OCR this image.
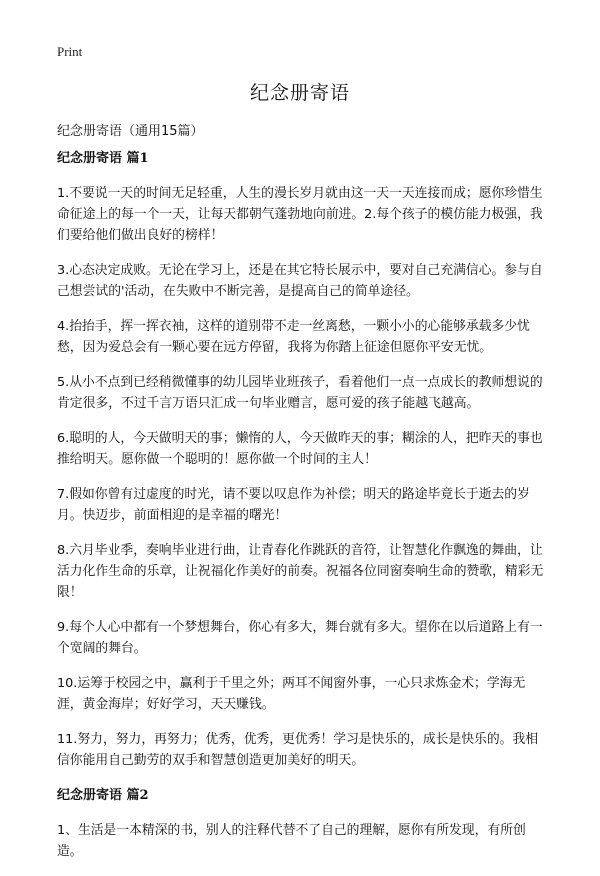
Print
纪念册寄语
纪念册寄语（通用15篇）
纪念册寄语 篇1

1.不要说一天的时间无足轻重，人生的漫长岁月就由这一天一天连接而成；愿你珍惜生命征途上的每一个一天，让每天都朝气蓬勃地向前进。2.每个孩子的模仿能力极强，我们要给他们做出良好的榜样！

3.心态决定成败。无论在学习上，还是在其它特长展示中，要对自己充满信心。参与自己想尝试的'活动，在失败中不断完善，是提高自己的简单途径。

4.抬抬手，挥一挥衣袖，这样的道别带不走一丝离愁，一颗小小的心能够承载多少忧愁，因为爱总会有一颗心要在远方停留，我将为你踏上征途但愿你平安无忧。

5.从小不点到已经稍微懂事的幼儿园毕业班孩子，看着他们一点一点成长的教师想说的肯定很多，不过千言万语只汇成一句毕业赠言，愿可爱的孩子能越飞越高。

6.聪明的人，今天做明天的事；懒惰的人，今天做昨天的事；糊涂的人，把昨天的事也推给明天。愿你做一个聪明的！愿你做一个时间的主人！

7.假如你曾有过虚度的时光，请不要以叹息作为补偿；明天的路途毕竟长于逝去的岁月。快迈步，前面相迎的是幸福的曙光！

8.六月毕业季，奏响毕业进行曲，让青春化作跳跃的音符，让智慧化作飘逸的舞曲，让活力化作生命的乐章，让祝福化作美好的前奏。祝福各位同窗奏响生命的赞歌，精彩无限！

9.每个人心中都有一个梦想舞台，你心有多大，舞台就有多大。望你在以后道路上有一个宽阔的舞台。

10.运筹于校园之中，赢利于千里之外；两耳不闻窗外事，一心只求炼金术；学海无涯，黄金海岸；好好学习，天天赚钱。

11.努力，努力，再努力；优秀，优秀，更优秀！学习是快乐的，成长是快乐的。我相信你能用自己勤劳的双手和智慧创造更加美好的明天。

纪念册寄语 篇2

1、生活是一本精深的书，别人的注释代替不了自己的理解，愿你有所发现，有所创造。
